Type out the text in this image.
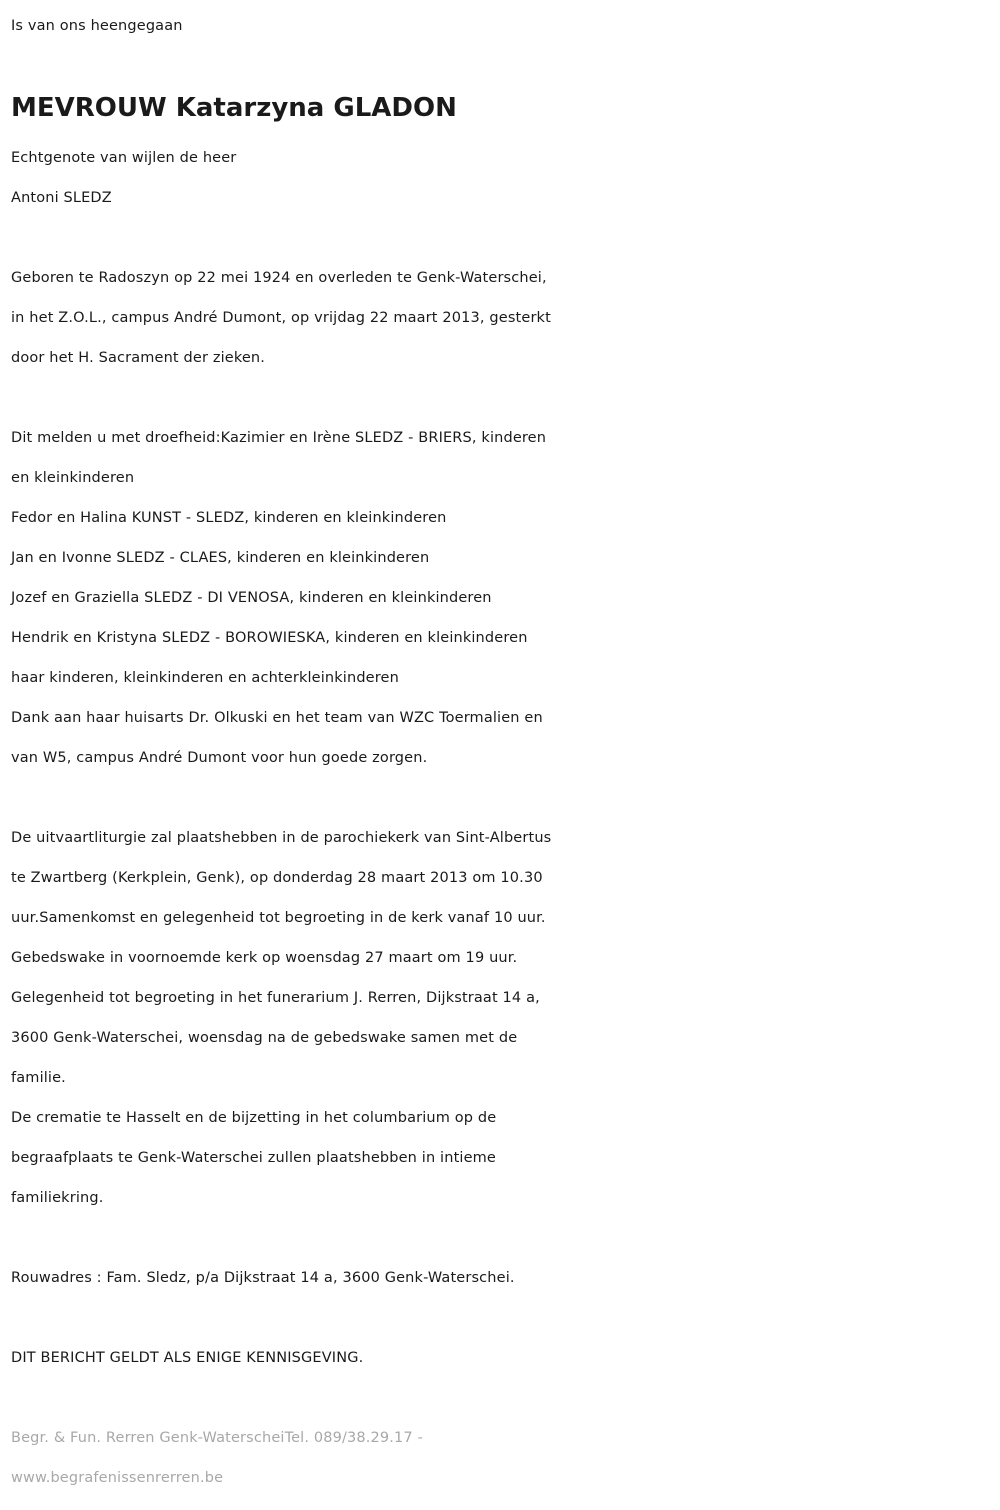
Is van ons heengegaan
MEVROUW Katarzyna GLADON
Echtgenote van wijlen de heer
Antoni SLEDZ
Geboren te Radoszyn op 22 mei 1924 en overleden te Genk-Waterschei,
in het Z.O.L., campus André Dumont, op vrijdag 22 maart 2013, gesterkt
door het H. Sacrament der zieken.
Dit melden u met droefheid:Kazimier en Irène SLEDZ - BRIERS, kinderen
en kleinkinderen
Fedor en Halina KUNST - SLEDZ, kinderen en kleinkinderen
Jan en Ivonne SLEDZ - CLAES, kinderen en kleinkinderen
Jozef en Graziella SLEDZ - DI VENOSA, kinderen en kleinkinderen
Hendrik en Kristyna SLEDZ - BOROWIESKA, kinderen en kleinkinderen
haar kinderen, kleinkinderen en achterkleinkinderen
Dank aan haar huisarts Dr. Olkuski en het team van WZC Toermalien en
van W5, campus André Dumont voor hun goede zorgen.
De uitvaartliturgie zal plaatshebben in de parochiekerk van Sint-Albertus
te Zwartberg (Kerkplein, Genk), op donderdag 28 maart 2013 om 10.30
uur.Samenkomst en gelegenheid tot begroeting in de kerk vanaf 10 uur.
Gebedswake in voornoemde kerk op woensdag 27 maart om 19 uur.
Gelegenheid tot begroeting in het funerarium J. Rerren, Dijkstraat 14 a,
3600 Genk-Waterschei, woensdag na de gebedswake samen met de
familie.
De crematie te Hasselt en de bijzetting in het columbarium op de
begraafplaats te Genk-Waterschei zullen plaatshebben in intieme
familiekring.
Rouwadres : Fam. Sledz, p/a Dijkstraat 14 a, 3600 Genk-Waterschei.
DIT BERICHT GELDT ALS ENIGE KENNISGEVING.
Begr. & Fun. Rerren Genk-WaterscheiTel. 089/38.29.17 -
www.begrafenissenrerren.be
